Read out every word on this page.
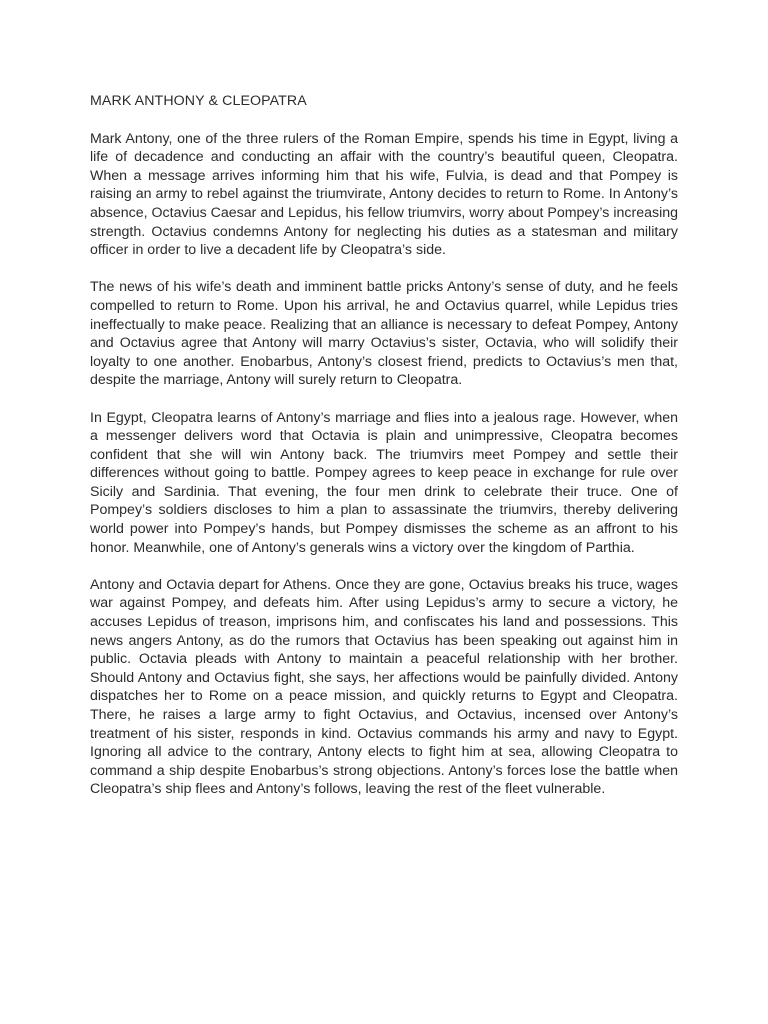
MARK ANTHONY & CLEOPATRA

Mark Antony, one of the three rulers of the Roman Empire, spends his time in Egypt, living a life of decadence and conducting an affair with the country’s beautiful queen, Cleopatra. When a message arrives informing him that his wife, Fulvia, is dead and that Pompey is raising an army to rebel against the triumvirate, Antony decides to return to Rome. In Antony’s absence, Octavius Caesar and Lepidus, his fellow triumvirs, worry about Pompey’s increasing strength. Octavius condemns Antony for neglecting his duties as a statesman and military officer in order to live a decadent life by Cleopatra’s side.

The news of his wife’s death and imminent battle pricks Antony’s sense of duty, and he feels compelled to return to Rome. Upon his arrival, he and Octavius quarrel, while Lepidus tries ineffectually to make peace. Realizing that an alliance is necessary to defeat Pompey, Antony and Octavius agree that Antony will marry Octavius’s sister, Octavia, who will solidify their loyalty to one another. Enobarbus, Antony’s closest friend, predicts to Octavius’s men that, despite the marriage, Antony will surely return to Cleopatra.

In Egypt, Cleopatra learns of Antony’s marriage and flies into a jealous rage. However, when a messenger delivers word that Octavia is plain and unimpressive, Cleopatra becomes confident that she will win Antony back. The triumvirs meet Pompey and settle their differences without going to battle. Pompey agrees to keep peace in exchange for rule over Sicily and Sardinia. That evening, the four men drink to celebrate their truce. One of Pompey’s soldiers discloses to him a plan to assassinate the triumvirs, thereby delivering world power into Pompey’s hands, but Pompey dismisses the scheme as an affront to his honor. Meanwhile, one of Antony’s generals wins a victory over the kingdom of Parthia.

Antony and Octavia depart for Athens. Once they are gone, Octavius breaks his truce, wages war against Pompey, and defeats him. After using Lepidus’s army to secure a victory, he accuses Lepidus of treason, imprisons him, and confiscates his land and possessions. This news angers Antony, as do the rumors that Octavius has been speaking out against him in public. Octavia pleads with Antony to maintain a peaceful relationship with her brother. Should Antony and Octavius fight, she says, her affections would be painfully divided. Antony dispatches her to Rome on a peace mission, and quickly returns to Egypt and Cleopatra. There, he raises a large army to fight Octavius, and Octavius, incensed over Antony’s treatment of his sister, responds in kind. Octavius commands his army and navy to Egypt. Ignoring all advice to the contrary, Antony elects to fight him at sea, allowing Cleopatra to command a ship despite Enobarbus’s strong objections. Antony’s forces lose the battle when Cleopatra’s ship flees and Antony’s follows, leaving the rest of the fleet vulnerable.
